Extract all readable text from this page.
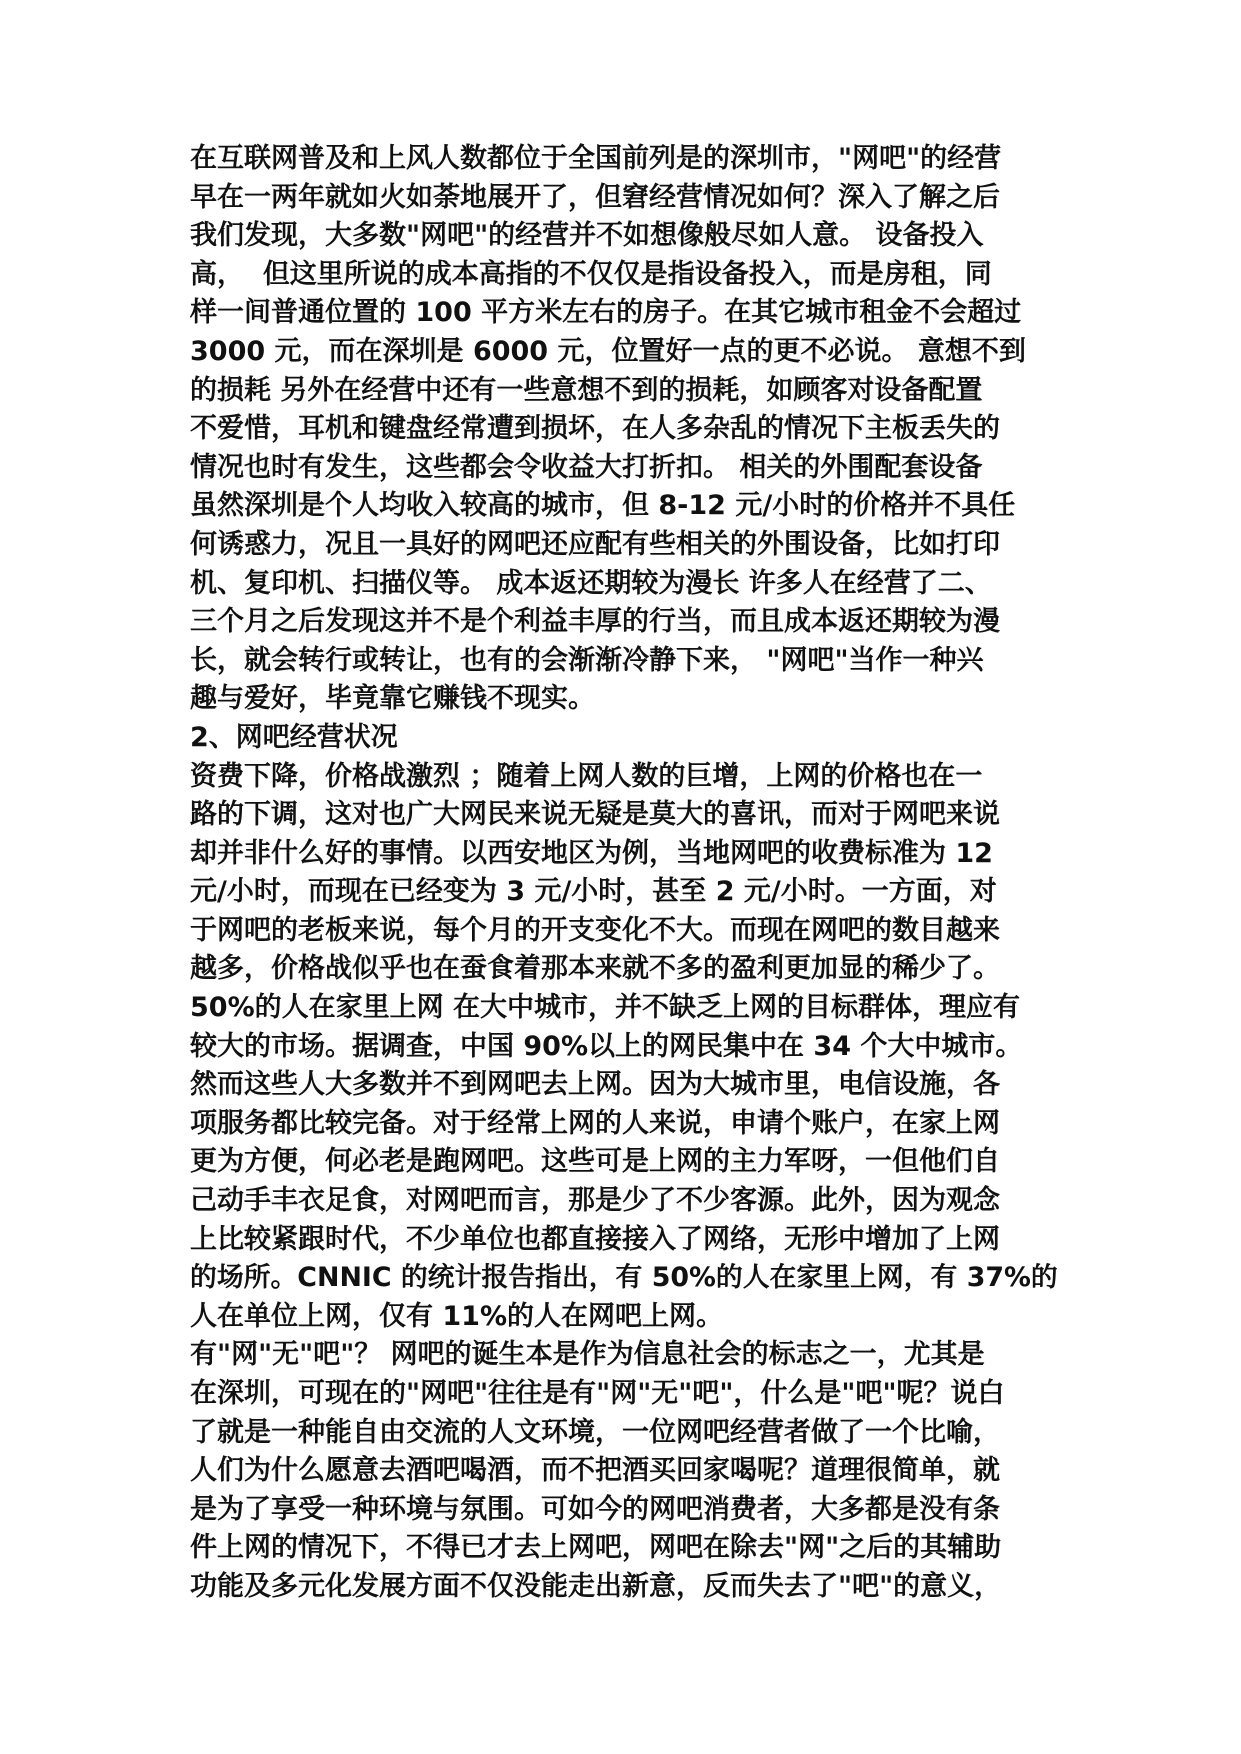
在互联网普及和上风人数都位于全国前列是的深圳市，"网吧"的经营
早在一两年就如火如荼地展开了，但窘经营情况如何？深入了解之后
我们发现，大多数"网吧"的经营并不如想像般尽如人意。 设备投入
高，  但这里所说的成本高指的不仅仅是指设备投入，而是房租，同
样一间普通位置的 100 平方米左右的房子。在其它城市租金不会超过
3000 元，而在深圳是 6000 元，位置好一点的更不必说。 意想不到
的损耗 另外在经营中还有一些意想不到的损耗，如顾客对设备配置
不爱惜，耳机和键盘经常遭到损坏，在人多杂乱的情况下主板丢失的
情况也时有发生，这些都会令收益大打折扣。 相关的外围配套设备
虽然深圳是个人均收入较高的城市，但 8-12 元/小时的价格并不具任
何诱惑力，况且一具好的网吧还应配有些相关的外围设备，比如打印
机、复印机、扫描仪等。 成本返还期较为漫长 许多人在经营了二、
三个月之后发现这并不是个利益丰厚的行当，而且成本返还期较为漫
长，就会转行或转让，也有的会渐渐冷静下来， "网吧"当作一种兴
趣与爱好，毕竟靠它赚钱不现实。
2、网吧经营状况
资费下降，价格战激烈 ；随着上网人数的巨增，上网的价格也在一
路的下调，这对也广大网民来说无疑是莫大的喜讯，而对于网吧来说
却并非什么好的事情。以西安地区为例，当地网吧的收费标准为 12
元/小时，而现在已经变为 3 元/小时，甚至 2 元/小时。一方面，对
于网吧的老板来说，每个月的开支变化不大。而现在网吧的数目越来
越多，价格战似乎也在蚕食着那本来就不多的盈利更加显的稀少了。
50%的人在家里上网 在大中城市，并不缺乏上网的目标群体，理应有
较大的市场。据调查，中国 90%以上的网民集中在 34 个大中城市。
然而这些人大多数并不到网吧去上网。因为大城市里，电信设施，各
项服务都比较完备。对于经常上网的人来说，申请个账户，在家上网
更为方便，何必老是跑网吧。这些可是上网的主力军呀，一但他们自
己动手丰衣足食，对网吧而言，那是少了不少客源。此外，因为观念
上比较紧跟时代，不少单位也都直接接入了网络，无形中增加了上网
的场所。CNNIC 的统计报告指出，有 50%的人在家里上网，有 37%的
人在单位上网，仅有 11%的人在网吧上网。
有"网"无"吧"？ 网吧的诞生本是作为信息社会的标志之一，尤其是
在深圳，可现在的"网吧"往往是有"网"无"吧"，什么是"吧"呢？说白
了就是一种能自由交流的人文环境，一位网吧经营者做了一个比喻，
人们为什么愿意去酒吧喝酒，而不把酒买回家喝呢？道理很简单，就
是为了享受一种环境与氛围。可如今的网吧消费者，大多都是没有条
件上网的情况下，不得已才去上网吧，网吧在除去"网"之后的其辅助
功能及多元化发展方面不仅没能走出新意，反而失去了"吧"的意义，
